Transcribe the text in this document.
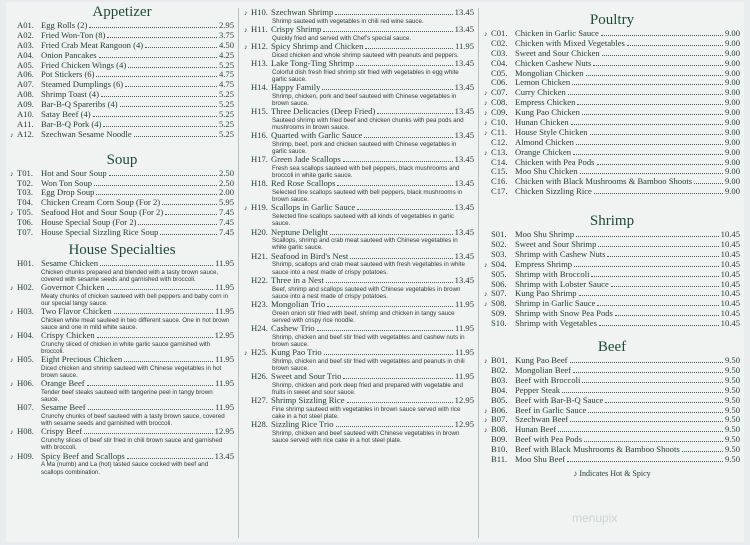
Appetizer
A01. Egg Rolls (2)	2.95
A02. Fried Won-Ton (8)	3.75
A03. Fried Crab Meat Rangoon (4)	4.50
A04. Onion Pancakes	4.25
A05. Fried Chicken Wings (4)	5.25
A06. Pot Stickers (6)	4.75
A07. Steamed Dumplings (6)	4.75
A08. Shrimp Toast (4)	5.25
A09. Bar-B-Q Spareribs (4)	5.25
A10. Satay Beef (4)	5.25
A11. Bar-B-Q Pork (4)	5.25
♪ A12. Szechwan Sesame Noodle	5.25
Soup
♪ T01. Hot and Sour Soup	2.50
T02. Won Ton Soup	2.50
T03. Egg Drop Soup	2.00
T04. Chicken Cream Corn Soup (For 2)	5.95
♪ T05. Seafood Hot and Sour Soup (For 2)	7.45
T06. House Special Soup (For 2)	7.45
T07. House Special Sizzling Rice Soup	7.45
House Specialties
H01. Sesame Chicken	11.95
Chicken chunks prepared and blended with a tasty brown sauce, covered with sesame seeds and garnished with broccoli.
♪ H02. Governor Chicken	11.95
Meaty chunks of chicken sauteed with bell peppers and baby corn in our special tangy sauce.
♪ H03. Two Flavor Chicken	11.95
Chicken white meat sauteed in two different sauce. One in hot brown sauce and one in mild white sauce.
♪ H04. Crispy Chicken	12.95
Crunchy sliced of chicken in white garlic sauce garnished with broccoli.
♪ H05. Eight Precious Chicken	11.95
Diced chicken and shrimp sauteed with Chinese vegetables in hot brown sauce.
♪ H06. Orange Beef	11.95
Tender beef steaks sauteed with tangerine peel in tangy brown sauce.
H07. Sesame Beef	11.95
Crunchy chunks of beef sauteed with a tasty brown sauce, covered with sesame seeds and garnished with broccoli.
♪ H08. Crispy Beef	12.95
Crunchy slices of beef stir fried in chili brown sauce and garnished with broccoli.
♪ H09. Spicy Beef and Scallops	13.45
A Ma (numb) and La (hot) tasted sauce cocked with beef and scallops combination.
♪ H10. Szechwan Shrimp	13.45
Shrimp sauteed with vegetables in chili red wine sauce.
♪ H11. Crispy Shrimp	13.45
Quickly fried and served with Chef's special sauce.
♪ H12. Spicy Shrimp and Chicken	11.95
Diced chicken and whole shrimp sauteed with peanuts and peppers.
H13. Lake Tong-Ting Shrimp	13.45
Colorful dish fresh fried shrimp stir fried with vegetables in egg white garlic sauce.
H14. Happy Family	13.45
Shrimp, chicken, pork and beef sauteed with Chinese vegetables in brown sauce.
H15. Three Delicacies (Deep Fried)	13.45
Sauteed shrimp with fried beef and chicken chunks with pea pods and mushrooms in brown sauce.
H16. Quarted with Garlic Sauce	13.45
Shrimp, beef, pork and chicken sauteed with Chinese vegetables in garlic sauce.
H17. Green Jade Scallops	13.45
Fresh sea scallops sauteed with bell peppers, black mushrooms and broccoli in white garlic sauce.
H18. Red Rose Scallops	13.45
Selected fine scallops sauteed with bell peppers, black mushrooms in brown sauce.
♪ H19. Scallops in Garlic Sauce	13.45
Selected fine scallops sauteed with all kinds of vegetables in garlic sauce.
H20. Neptune Delight	13.45
Scallops, shrimp and crab meat sauteed with Chinese vegetables in white garlic sauce.
H21. Seafood in Bird's Nest	13.45
Shrimp, scallops and crab meat sauteed with fresh vegetables in white sauce into a nest made of crispy potatoes.
H22. Three in a Nest	13.45
Beef, shrimp and scallops sauteed with Chinese vegetables in brown sauce into a nest made of crispy potatoes.
H23. Mongolian Trio	11.95
Green onion stir fried with beef, shrimp and chicken in tangy sauce served with crispy rice noodle.
H24. Cashew Trio	11.95
Shrimp, chicken and beef stir fried with vegetables and cashew nuts in brown sauce.
♪ H25. Kung Pao Trio	11.95
Shrimp, chicken and beef stir fried with vegetables and peanuts in chili brown sauce.
H26. Sweet and Sour Trio	11.95
Shrimp, chicken and pork deep fried and prepared with vegetable and fruits in sweet and sour sauce.
H27. Shrimp Sizzling Rice	12.95
Fine shrimp sauteed with vegetables in brown sauce served with rice cake in a hot steel plate.
H28. Sizzling Rice Trio	12.95
Shrimp, chicken and beef sauteed with Chinese vegetables in brown sauce served with rice cake in a hot steel plate.
Poultry
♪ C01. Chicken in Garlic Sauce	9.00
C02. Chicken with Mixed Vegetables	9.00
C03. Sweet and Sour Chicken	9.00
C04. Chicken Cashew Nuts	9.00
C05. Mongolian Chicken	9.00
C06. Lemon Chicken	9.00
♪ C07. Curry Chicken	9.00
♪ C08. Empress Chicken	9.00
♪ C09. Kung Pao Chicken	9.00
♪ C10. Hunan Chicken	9.00
♪ C11. House Style Chicken	9.00
C12. Almond Chicken	9.00
♪ C13. Orange Chicken	9.00
C14. Chicken with Pea Pods	9.00
C15. Moo Shu Chicken	9.00
C16. Chicken with Black Mushrooms & Bamboo Shoots	9.00
C17. Chicken Sizzling Rice	9.00
Shrimp
S01. Moo Shu Shrimp	10.45
S02. Sweet and Sour Shrimp	10.45
S03. Shrimp with Cashew Nuts	10.45
♪ S04. Empress Shrimp	10.45
S05. Shrimp with Broccoli	10.45
S06. Shrimp with Lobster Sauce	10.45
♪ S07. Kung Pao Shrimp	10.45
♪ S08. Shrimp in Garlic Sauce	10.45
S09. Shrimp with Snow Pea Pods	10.45
S10. Shrimp with Vegetables	10.45
Beef
♪ B01. Kung Pao Beef	9.50
B02. Mongolian Beef	9.50
B03. Beef with Broccoli	9.50
B04. Pepper Steak	9.50
B05. Beef with Bar-B-Q Sauce	9.50
♪ B06. Beef in Garlic Sauce	9.50
♪ B07. Szechwan Beef	9.50
♪ B08. Hunan Beef	9.50
B09. Beef with Pea Pods	9.50
B10. Beef with Black Mushrooms & Bamboo Shoots	9.50
B11. Moo Shu Beef	9.50
♪ Indicates Hot & Spicy
menupix
